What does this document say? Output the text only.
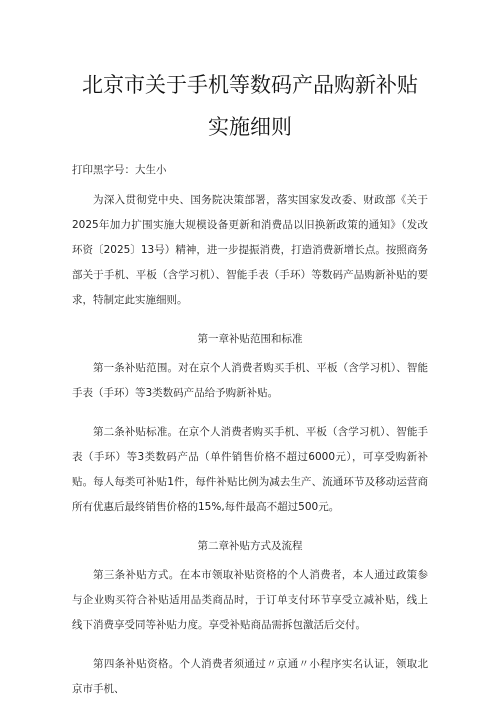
北京市关于手机等数码产品购新补贴实施细则
打印黑字号：大生小

为深入贯彻党中央、国务院决策部署，落实国家发改委、财政部《关于2025年加力扩围实施大规模设备更新和消费品以旧换新政策的通知》（发改环资〔2025〕13号）精神，进一步提振消费，打造消费新增长点。按照商务部关于手机、平板（含学习机）、智能手表（手环）等数码产品购新补贴的要求，特制定此实施细则。

第一章补贴范围和标准

第一条补贴范围。对在京个人消费者购买手机、平板（含学习机）、智能手表（手环）等3类数码产品给予购新补贴。

第二条补贴标准。在京个人消费者购买手机、平板（含学习机）、智能手表（手环）等3类数码产品（单件销售价格不超过6000元），可享受购新补贴。每人每类可补贴1件，每件补贴比例为减去生产、流通环节及移动运营商所有优惠后最终销售价格的15%,每件最高不超过500元。

第二章补贴方式及流程

第三条补贴方式。在本市领取补贴资格的个人消费者，本人通过政策参与企业购买符合补贴适用品类商品时，于订单支付环节享受立减补贴，线上线下消费享受同等补贴力度。享受补贴商品需拆包激活后交付。

第四条补贴资格。个人消费者须通过〃京通〃小程序实名认证，领取北京市手机、
